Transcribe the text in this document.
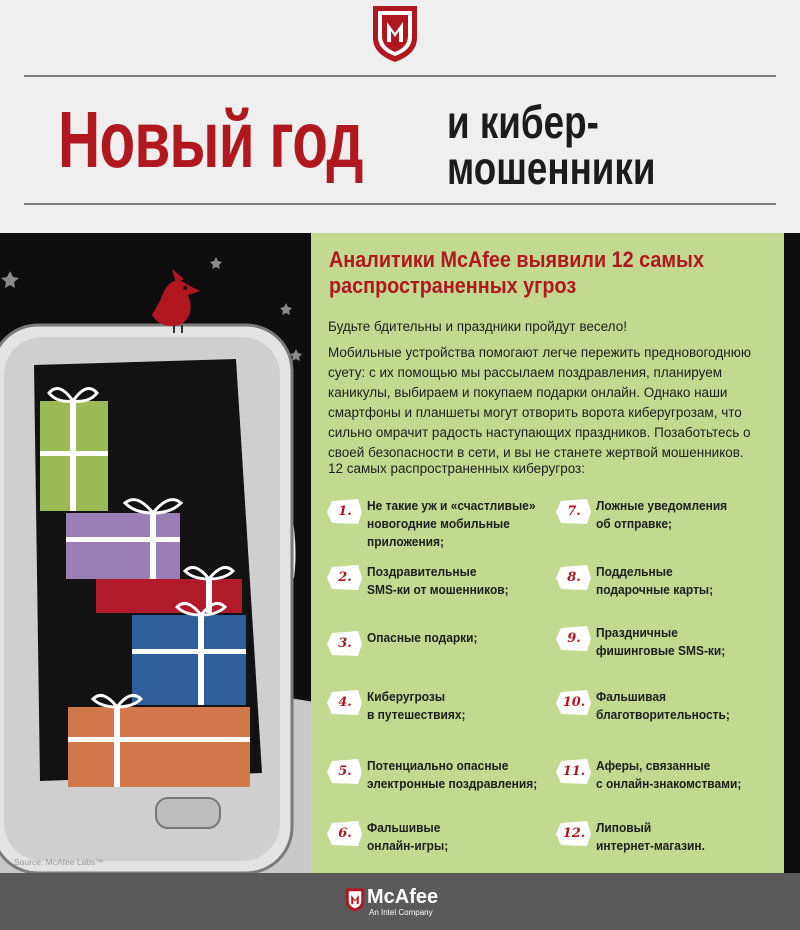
Новый год и кибер-
мошенники
Аналитики McAfee выявили 12 самых распространенных угроз
Будьте бдительны и праздники пройдут весело!
Мобильные устройства помогают легче пережить предновогоднюю суету: с их помощью мы рассылаем поздравления, планируем каникулы, выбираем и покупаем подарки онлайн. Однако наши смартфоны и планшеты могут отворить ворота киберугрозам, что сильно омрачит радость наступающих праздников. Позаботьтесь о своей безопасности в сети, и вы не станете жертвой мошенников.
12 самых распространенных киберугроз:
1.	Не такие уж и «счастливые»
новогодние мобильные
приложения;
2.	Поздравительные
SMS-ки от мошенников;
3.	Опасные подарки;
4.	Киберугрозы
в путешествиях;
5.	Потенциально опасные
электронные поздравления;
6.	Фальшивые
онлайн-игры;
7.	Ложные уведомления
об отправке;
8.	Поддельные
подарочные карты;
9.	Праздничные
фишинговые SMS-ки;
10. Фальшивая
благотворительность;
11. Аферы, связанные
с онлайн-знакомствами;
12. Липовый
интернет-магазин.
Source: McAfee Labs™
McAfee
An Intel Company
